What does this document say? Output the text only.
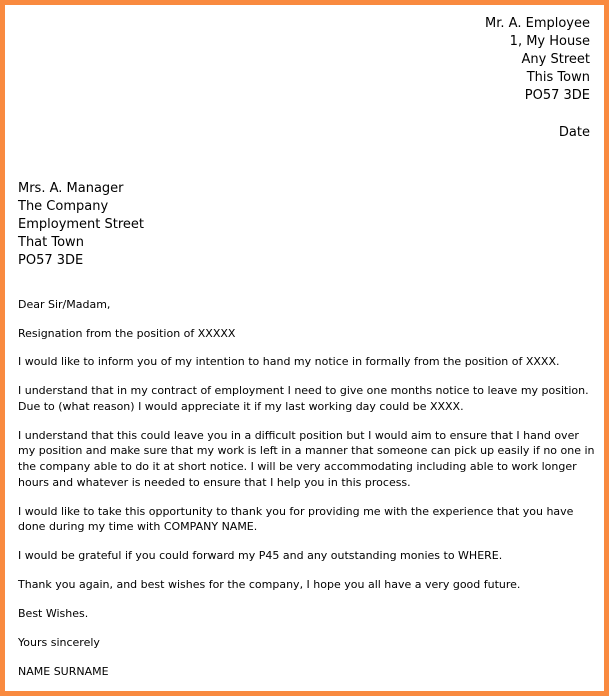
Mr. A. Employee
1, My House
Any Street
This Town
PO57 3DE
Date
Mrs. A. Manager
The Company
Employment Street
That Town
PO57 3DE

Dear Sir/Madam,

Resignation from the position of XXXXX

I would like to inform you of my intention to hand my notice in formally from the position of XXXX.

I understand that in my contract of employment I need to give one months notice to leave my position. Due to (what reason) I would appreciate it if my last working day could be XXXX.

I understand that this could leave you in a difficult position but I would aim to ensure that I hand over my position and make sure that my work is left in a manner that someone can pick up easily if no one in the company able to do it at short notice. I will be very accommodating including able to work longer hours and whatever is needed to ensure that I help you in this process.

I would like to take this opportunity to thank you for providing me with the experience that you have done during my time with COMPANY NAME.

I would be grateful if you could forward my P45 and any outstanding monies to WHERE.

Thank you again, and best wishes for the company, I hope you all have a very good future.

Best Wishes.

Yours sincerely

NAME SURNAME
